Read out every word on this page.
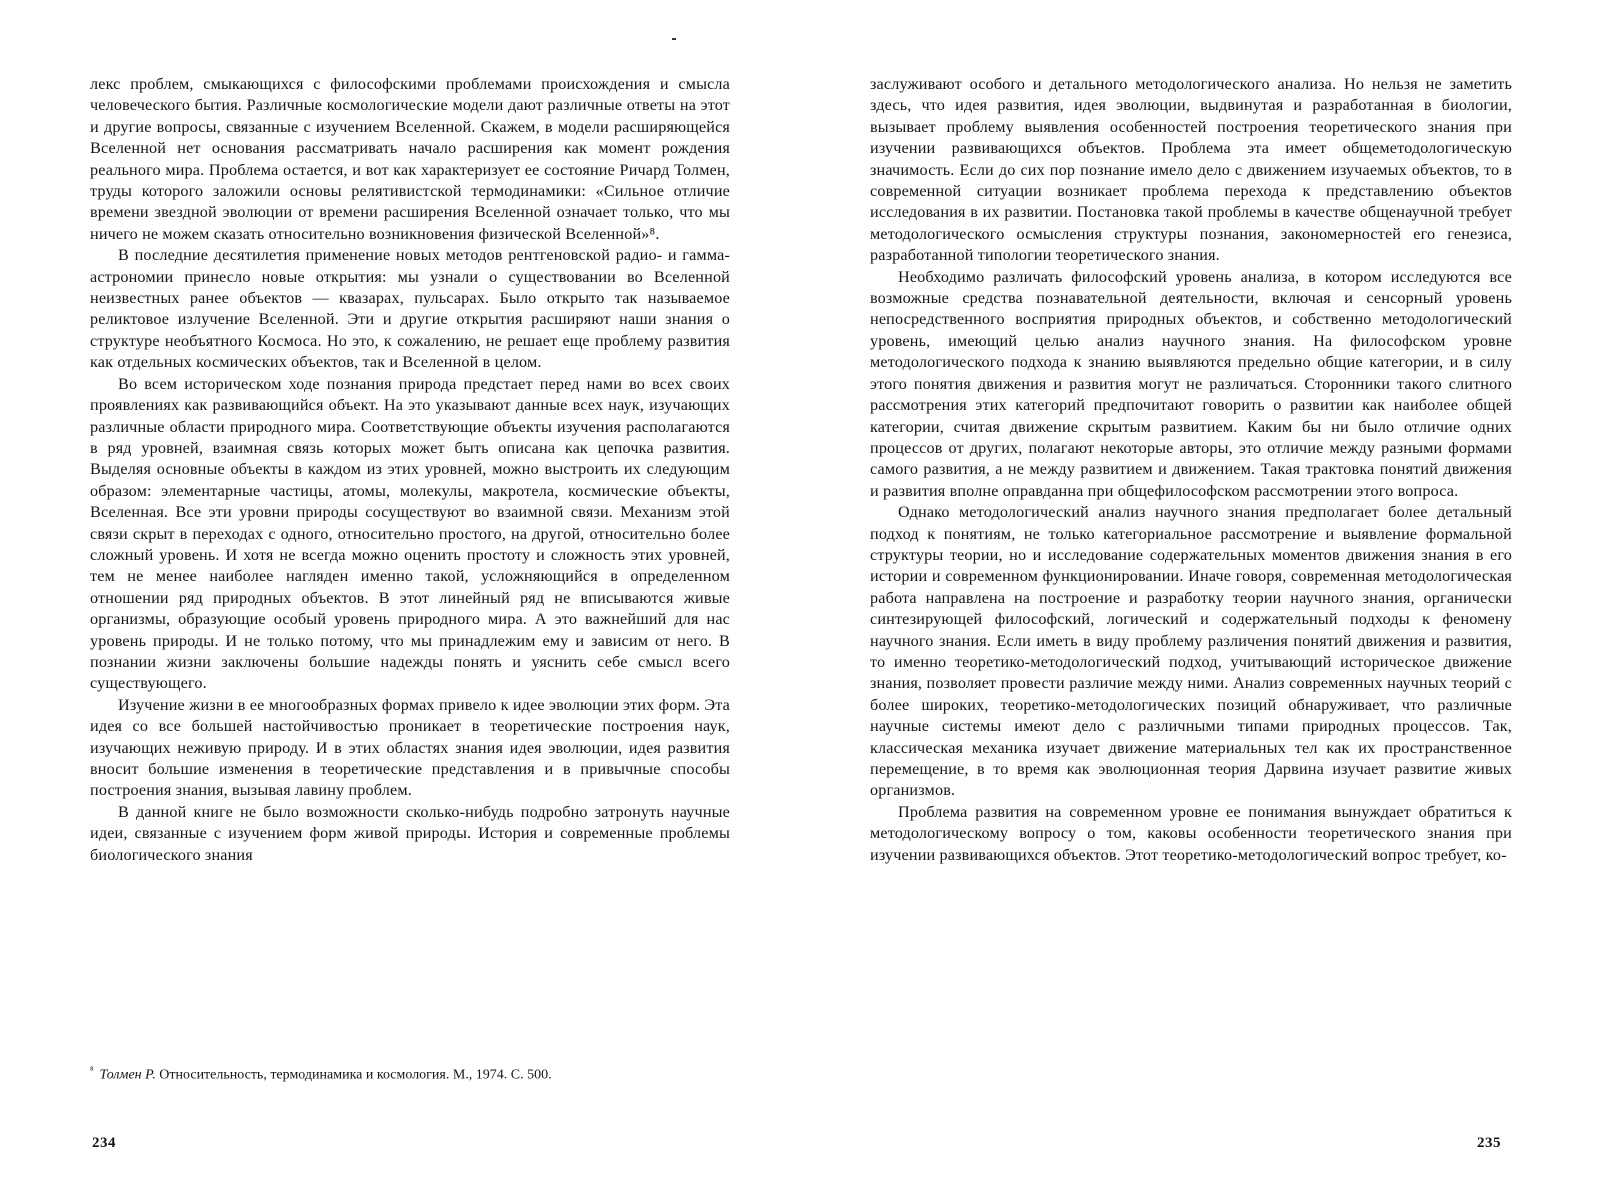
лекс проблем, смыкающихся с философскими проблемами происхождения и смысла человеческого бытия. Различные космологические модели дают различные ответы на этот и другие вопросы, связанные с изучением Вселенной. Скажем, в модели расширяющейся Вселенной нет основания рассматривать начало расширения как момент рождения реального мира. Проблема остается, и вот как характеризует ее состояние Ричард Толмен, труды которого заложили основы релятивистской термодинамики: «Сильное отличие времени звездной эволюции от времени расширения Вселенной означает только, что мы ничего не можем сказать относительно возникновения физической Вселенной»⁸.

В последние десятилетия применение новых методов рентгеновской радио- и гамма-астрономии принесло новые открытия: мы узнали о существовании во Вселенной неизвестных ранее объектов — квазарах, пульсарах. Было открыто так называемое реликтовое излучение Вселенной. Эти и другие открытия расширяют наши знания о структуре необъятного Космоса. Но это, к сожалению, не решает еще проблему развития как отдельных космических объектов, так и Вселенной в целом.

Во всем историческом ходе познания природа предстает перед нами во всех своих проявлениях как развивающийся объект. На это указывают данные всех наук, изучающих различные области природного мира. Соответствующие объекты изучения располагаются в ряд уровней, взаимная связь которых может быть описана как цепочка развития. Выделяя основные объекты в каждом из этих уровней, можно выстроить их следующим образом: элементарные частицы, атомы, молекулы, макротела, космические объекты, Вселенная. Все эти уровни природы сосуществуют во взаимной связи. Механизм этой связи скрыт в переходах с одного, относительно простого, на другой, относительно более сложный уровень. И хотя не всегда можно оценить простоту и сложность этих уровней, тем не менее наиболее нагляден именно такой, усложняющийся в определенном отношении ряд природных объектов. В этот линейный ряд не вписываются живые организмы, образующие особый уровень природного мира. А это важнейший для нас уровень природы. И не только потому, что мы принадлежим ему и зависим от него. В познании жизни заключены большие надежды понять и уяснить себе смысл всего существующего.

Изучение жизни в ее многообразных формах привело к идее эволюции этих форм. Эта идея со все большей настойчивостью проникает в теоретические построения наук, изучающих неживую природу. И в этих областях знания идея эволюции, идея развития вносит большие изменения в теоретические представления и в привычные способы построения знания, вызывая лавину проблем.

В данной книге не было возможности сколько-нибудь подробно затронуть научные идеи, связанные с изучением форм живой природы. История и современные проблемы биологического знания

$^{^8}$ Толмен Р. Относительность, термодинамика и космология. М., 1974. С. 500.
234

заслуживают особого и детального методологического анализа. Но нельзя не заметить здесь, что идея развития, идея эволюции, выдвинутая и разработанная в биологии, вызывает проблему выявления особенностей построения теоретического знания при изучении развивающихся объектов. Проблема эта имеет общеметодологическую значимость. Если до сих пор познание имело дело с движением изучаемых объектов, то в современной ситуации возникает проблема перехода к представлению объектов исследования в их развитии. Постановка такой проблемы в качестве общенаучной требует методологического осмысления структуры познания, закономерностей его генезиса, разработанной типологии теоретического знания.

Необходимо различать философский уровень анализа, в котором исследуются все возможные средства познавательной деятельности, включая и сенсорный уровень непосредственного восприятия природных объектов, и собственно методологический уровень, имеющий целью анализ научного знания. На философском уровне методологического подхода к знанию выявляются предельно общие категории, и в силу этого понятия движения и развития могут не различаться. Сторонники такого слитного рассмотрения этих категорий предпочитают говорить о развитии как наиболее общей категории, считая движение скрытым развитием. Каким бы ни было отличие одних процессов от других, полагают некоторые авторы, это отличие между разными формами самого развития, а не между развитием и движением. Такая трактовка понятий движения и развития вполне оправданна при общефилософском рассмотрении этого вопроса.

Однако методологический анализ научного знания предполагает более детальный подход к понятиям, не только категориальное рассмотрение и выявление формальной структуры теории, но и исследование содержательных моментов движения знания в его истории и современном функционировании. Иначе говоря, современная методологическая работа направлена на построение и разработку теории научного знания, органически синтезирующей философский, логический и содержательный подходы к феномену научного знания. Если иметь в виду проблему различения понятий движения и развития, то именно теоретико-методологический подход, учитывающий историческое движение знания, позволяет провести различие между ними. Анализ современных научных теорий с более широких, теоретико-методологических позиций обнаруживает, что различные научные системы имеют дело с различными типами природных процессов. Так, классическая механика изучает движение материальных тел как их пространственное перемещение, в то время как эволюционная теория Дарвина изучает развитие живых организмов.

Проблема развития на современном уровне ее понимания вынуждает обратиться к методологическому вопросу о том, каковы особенности теоретического знания при изучении развивающихся объектов. Этот теоретико-методологический вопрос требует, ко-

235
